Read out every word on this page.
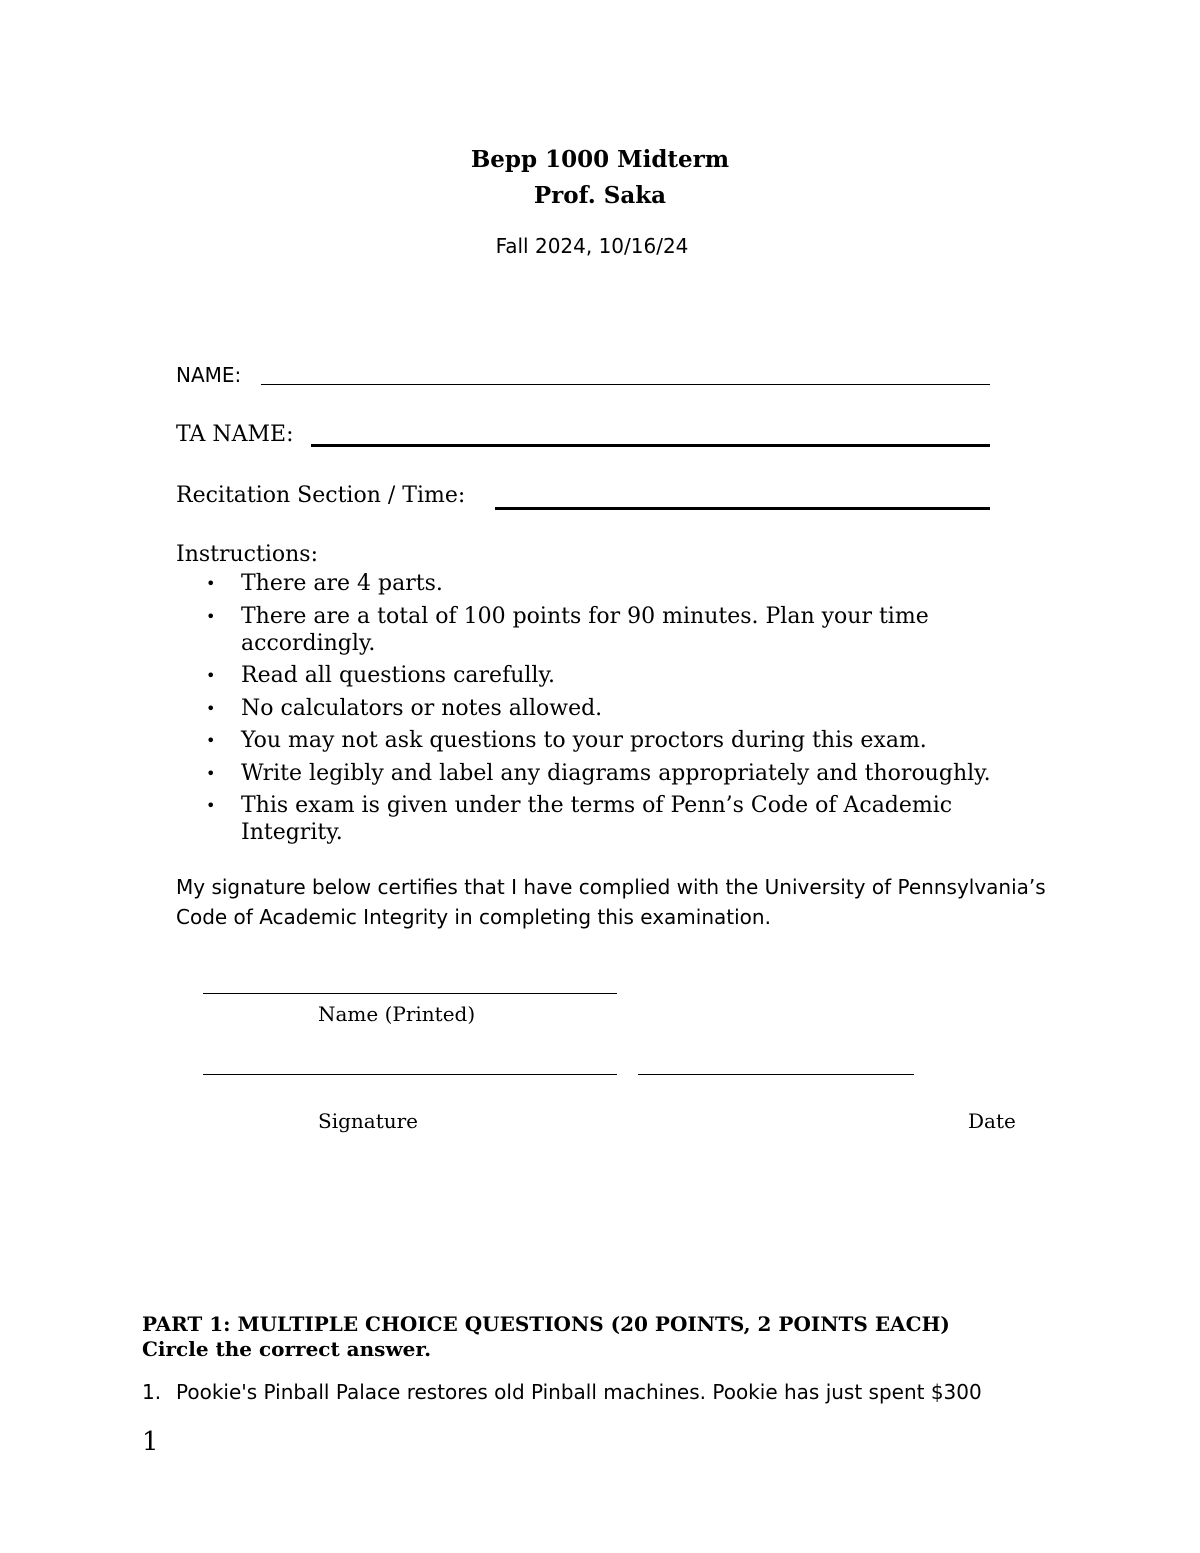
Bepp 1000 Midterm
Prof. Saka
Fall 2024, 10/16/24
NAME:
TA NAME:
Recitation Section / Time:
Instructions:
• There are 4 parts.
• There are a total of 100 points for 90 minutes. Plan your time accordingly.
• Read all questions carefully.
• No calculators or notes allowed.
• You may not ask questions to your proctors during this exam.
• Write legibly and label any diagrams appropriately and thoroughly.
• This exam is given under the terms of Penn’s Code of Academic Integrity.
My signature below certifies that I have complied with the University of Pennsylvania’s Code of Academic Integrity in completing this examination.
Name (Printed)
Signature	Date
PART 1: MULTIPLE CHOICE QUESTIONS (20 POINTS, 2 POINTS EACH)
Circle the correct answer.
1. Pookie's Pinball Palace restores old Pinball machines. Pookie has just spent $300
1
